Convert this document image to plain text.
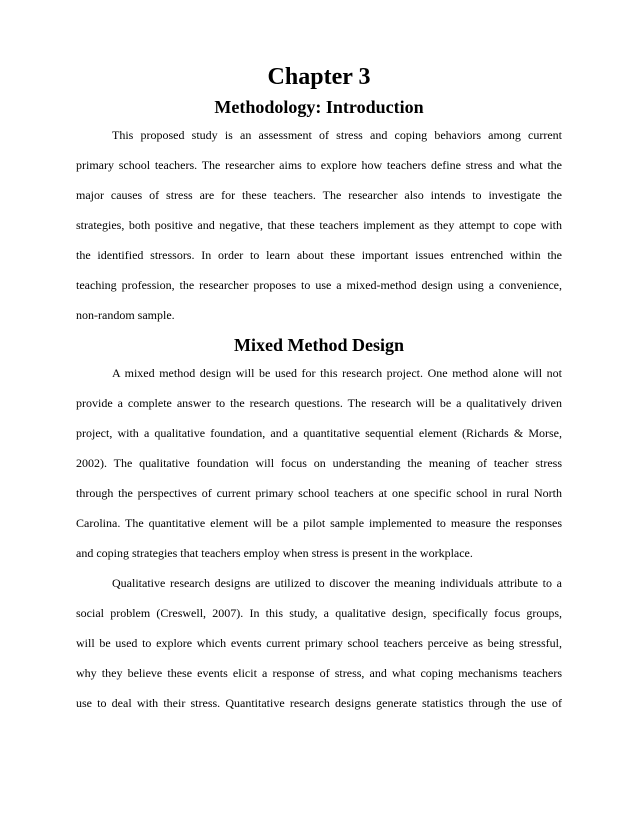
Chapter 3
Methodology: Introduction
This proposed study is an assessment of stress and coping behaviors among current
primary school teachers. The researcher aims to explore how teachers define stress and what the
major causes of stress are for these teachers. The researcher also intends to investigate the
strategies, both positive and negative, that these teachers implement as they attempt to cope with
the identified stressors. In order to learn about these important issues entrenched within the
teaching profession, the researcher proposes to use a mixed-method design using a convenience,
non-random sample.
Mixed Method Design
A mixed method design will be used for this research project. One method alone will not
provide a complete answer to the research questions. The research will be a qualitatively driven
project, with a qualitative foundation, and a quantitative sequential element (Richards & Morse,
2002). The qualitative foundation will focus on understanding the meaning of teacher stress
through the perspectives of current primary school teachers at one specific school in rural North
Carolina. The quantitative element will be a pilot sample implemented to measure the responses
and coping strategies that teachers employ when stress is present in the workplace.
Qualitative research designs are utilized to discover the meaning individuals attribute to a
social problem (Creswell, 2007). In this study, a qualitative design, specifically focus groups,
will be used to explore which events current primary school teachers perceive as being stressful,
why they believe these events elicit a response of stress, and what coping mechanisms teachers
use to deal with their stress. Quantitative research designs generate statistics through the use of
